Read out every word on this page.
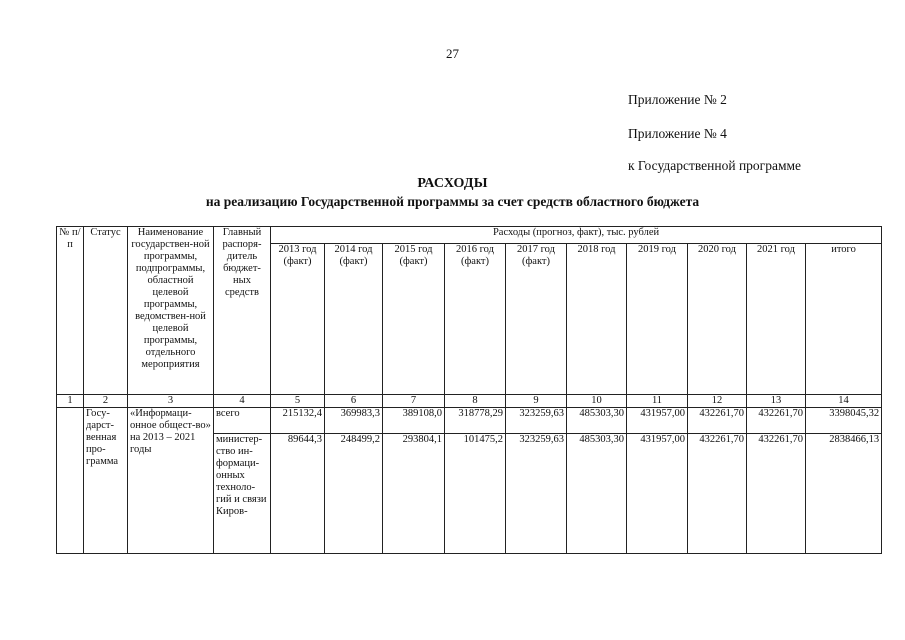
27
Приложение № 2
Приложение № 4
к Государственной программе
РАСХОДЫ
на реализацию Государственной программы за счет средств областного бюджета
№ п/п	Статус	Наименование государствен-ной программы, подпрограммы, областной целевой программы, ведомствен-ной целевой программы, отдельного мероприятия	Главный распоря-дитель бюджет-ных средств	Расходы (прогноз, факт), тыс. рублей									
				2013 год (факт)	2014 год (факт)	2015 год (факт)	2016 год (факт)	2017 год (факт)	2018 год	2019 год	2020 год	2021 год	итого
1	2	3	4	5	6	7	8	9	10	11	12	13	14
	Госу-дарст-венная про-грамма	«Информаци-онное общест-во» на 2013 – 2021 годы	всего	215132,4	369983,3	389108,0	318778,29	323259,63	485303,30	431957,00	432261,70	432261,70	3398045,32
			министер-ство ин-формаци-онных техноло-гий и связи Киров-	89644,3	248499,2	293804,1	101475,2	323259,63	485303,30	431957,00	432261,70	432261,70	2838466,13
